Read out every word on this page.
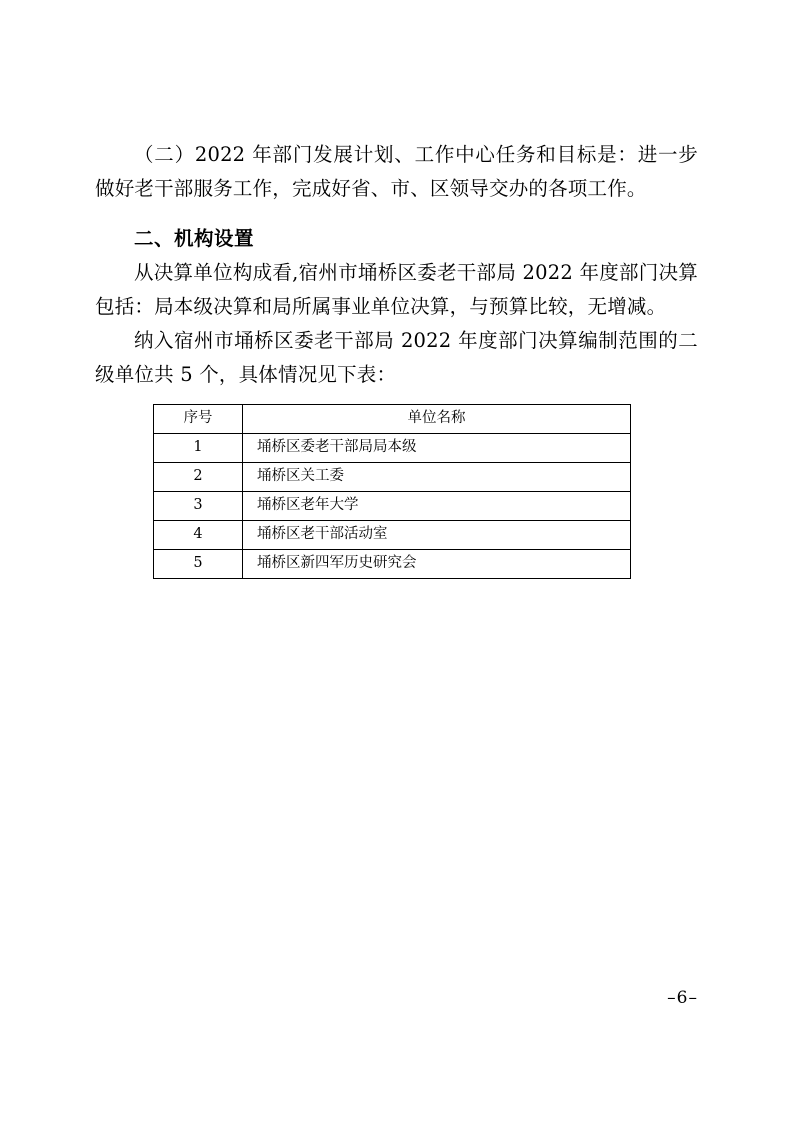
（二）2022 年部门发展计划、工作中心任务和目标是：进一步做好老干部服务工作，完成好省、市、区领导交办的各项工作。

二、机构设置

从决算单位构成看,宿州市埇桥区委老干部局 2022 年度部门决算包括：局本级决算和局所属事业单位决算，与预算比较，无增减。

纳入宿州市埇桥区委老干部局 2022 年度部门决算编制范围的二级单位共 5 个，具体情况见下表：

序号	单位名称
1	埇桥区委老干部局局本级
2	埇桥区关工委
3	埇桥区老年大学
4	埇桥区老干部活动室
5	埇桥区新四军历史研究会
–6–
